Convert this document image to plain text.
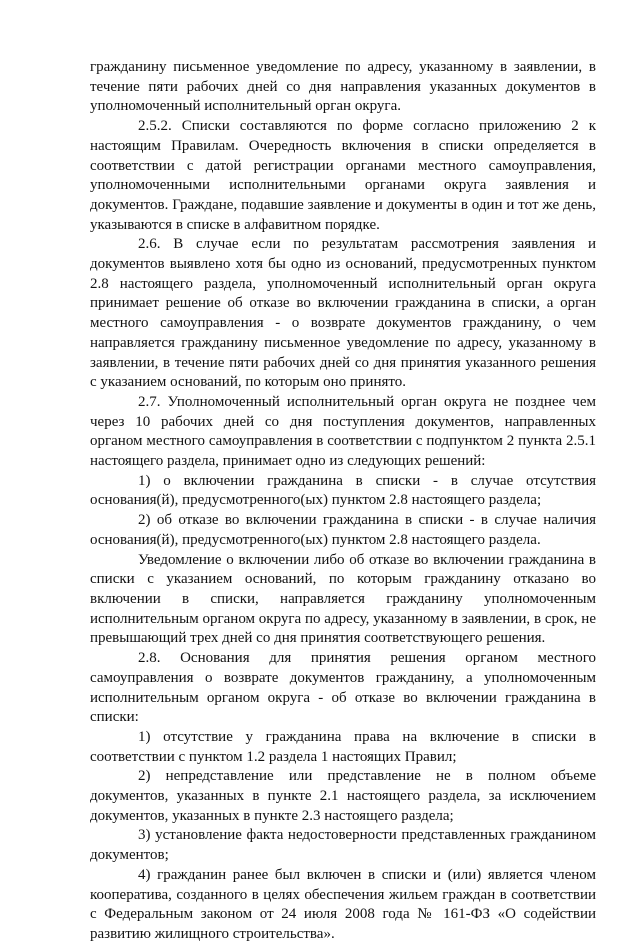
гражданину письменное уведомление по адресу, указанному в заявлении, в течение пяти рабочих дней со дня направления указанных документов в уполномоченный исполнительный орган округа.

2.5.2. Списки составляются по форме согласно приложению 2 к настоящим Правилам. Очередность включения в списки определяется в соответствии с датой регистрации органами местного самоуправления, уполномоченными исполнительными органами округа заявления и документов. Граждане, подавшие заявление и документы в один и тот же день, указываются в списке в алфавитном порядке.

2.6. В случае если по результатам рассмотрения заявления и документов выявлено хотя бы одно из оснований, предусмотренных пунктом 2.8 настоящего раздела, уполномоченный исполнительный орган округа принимает решение об отказе во включении гражданина в списки, а орган местного самоуправления - о возврате документов гражданину, о чем направляется гражданину письменное уведомление по адресу, указанному в заявлении, в течение пяти рабочих дней со дня принятия указанного решения с указанием оснований, по которым оно принято.

2.7. Уполномоченный исполнительный орган округа не позднее чем через 10 рабочих дней со дня поступления документов, направленных органом местного самоуправления в соответствии с подпунктом 2 пункта 2.5.1 настоящего раздела, принимает одно из следующих решений:

1) о включении гражданина в списки - в случае отсутствия основания(й), предусмотренного(ых) пунктом 2.8 настоящего раздела;

2) об отказе во включении гражданина в списки - в случае наличия основания(й), предусмотренного(ых) пунктом 2.8 настоящего раздела.

Уведомление о включении либо об отказе во включении гражданина в списки с указанием оснований, по которым гражданину отказано во включении в списки, направляется гражданину уполномоченным исполнительным органом округа по адресу, указанному в заявлении, в срок, не превышающий трех дней со дня принятия соответствующего решения.

2.8. Основания для принятия решения органом местного самоуправления о возврате документов гражданину, а уполномоченным исполнительным органом округа - об отказе во включении гражданина в списки:

1) отсутствие у гражданина права на включение в списки в соответствии с пунктом 1.2 раздела 1 настоящих Правил;

2) непредставление или представление не в полном объеме документов, указанных в пункте 2.1 настоящего раздела, за исключением документов, указанных в пункте 2.3 настоящего раздела;

3) установление факта недостоверности представленных гражданином документов;

4) гражданин ранее был включен в списки и (или) является членом кооператива, созданного в целях обеспечения жильем граждан в соответствии с Федеральным законом от 24 июля 2008 года № 161-ФЗ «О содействии развитию жилищного строительства».
